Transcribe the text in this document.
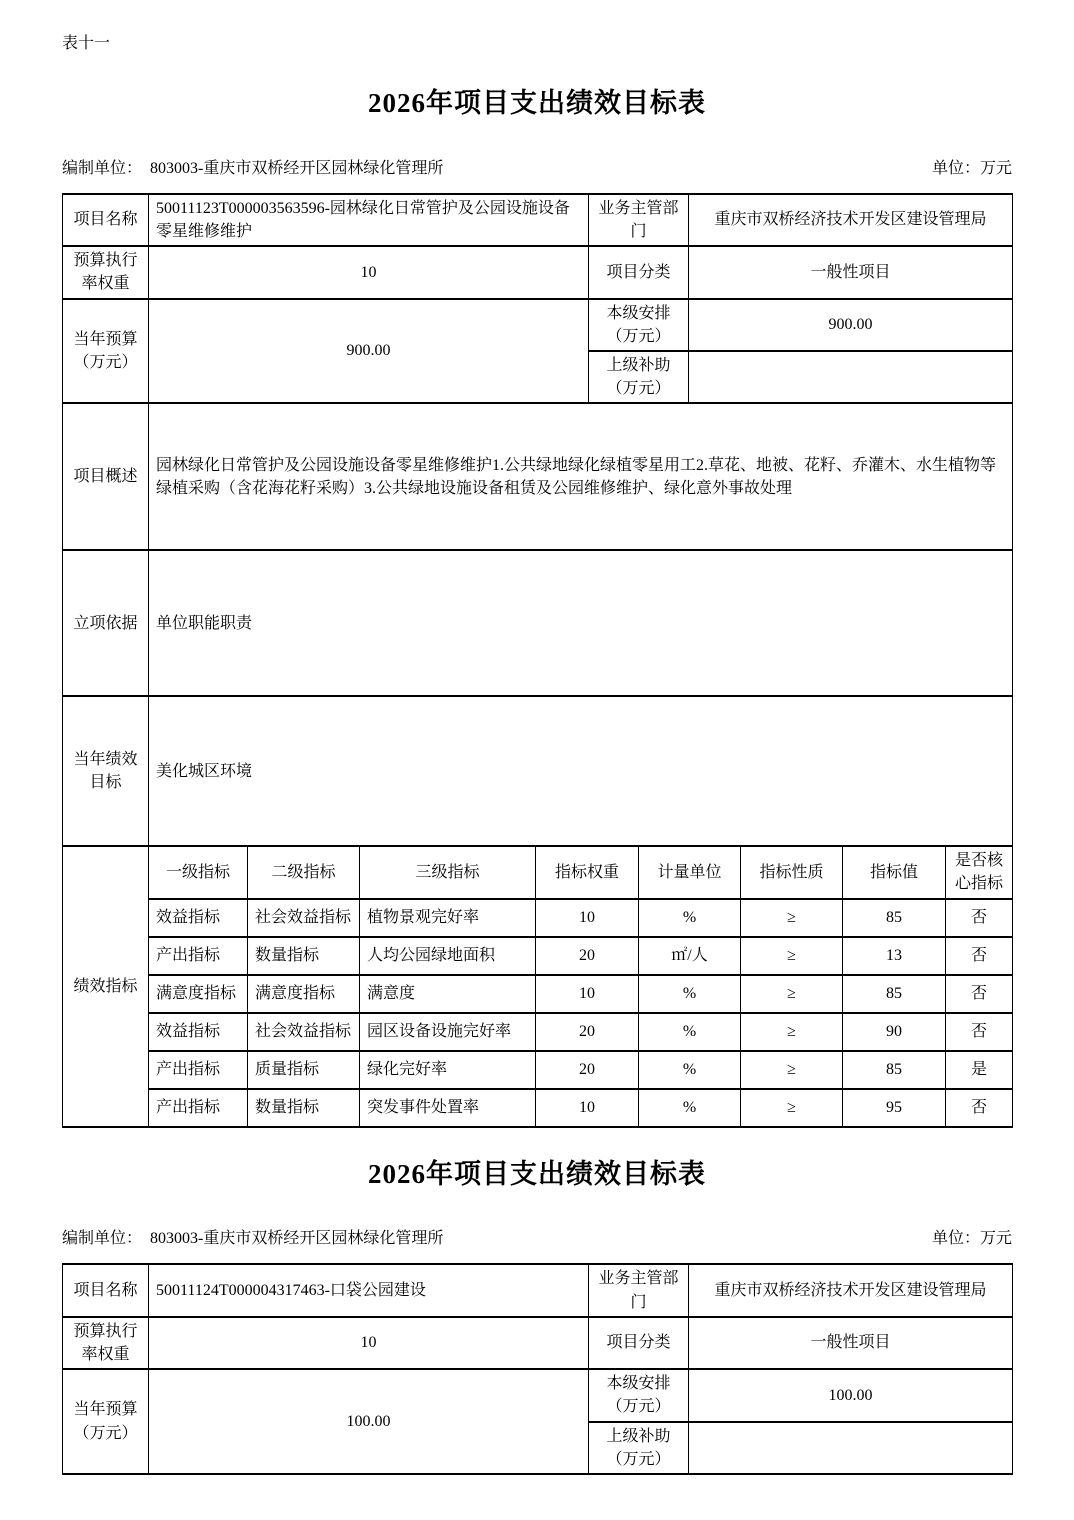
表十一
2026年项目支出绩效目标表
编制单位： 803003-重庆市双桥经开区园林绿化管理所	单位：万元
项目名称	50011123T000003563596-园林绿化日常管护及公园设施设备零星维修维护	业务主管部门	重庆市双桥经济技术开发区建设管理局
预算执行率权重	10	项目分类	一般性项目
当年预算（万元）	900.00	本级安排（万元）	900.00
		上级补助（万元）	
项目概述	园林绿化日常管护及公园设施设备零星维修维护1.公共绿地绿化绿植零星用工2.草花、地被、花籽、乔灌木、水生植物等绿植采购（含花海花籽采购）3.公共绿地设施设备租赁及公园维修维护、绿化意外事故处理		
立项依据	单位职能职责		
当年绩效目标	美化城区环境		
绩效指标	一级指标	二级指标	三级指标	指标权重	计量单位	指标性质	指标值	是否核心指标
	效益指标	社会效益指标	植物景观完好率	10	%	≥	85	否
	产出指标	数量指标	人均公园绿地面积	20	㎡/人	≥	13	否
	满意度指标	满意度指标	满意度	10	%	≥	85	否
	效益指标	社会效益指标	园区设备设施完好率	20	%	≥	90	否
	产出指标	质量指标	绿化完好率	20	%	≥	85	是
	产出指标	数量指标	突发事件处置率	10	%	≥	95	否
2026年项目支出绩效目标表
编制单位： 803003-重庆市双桥经开区园林绿化管理所	单位：万元
项目名称	50011124T000004317463-口袋公园建设	业务主管部门	重庆市双桥经济技术开发区建设管理局
预算执行率权重	10	项目分类	一般性项目
当年预算（万元）	100.00	本级安排（万元）	100.00
		上级补助（万元）	
